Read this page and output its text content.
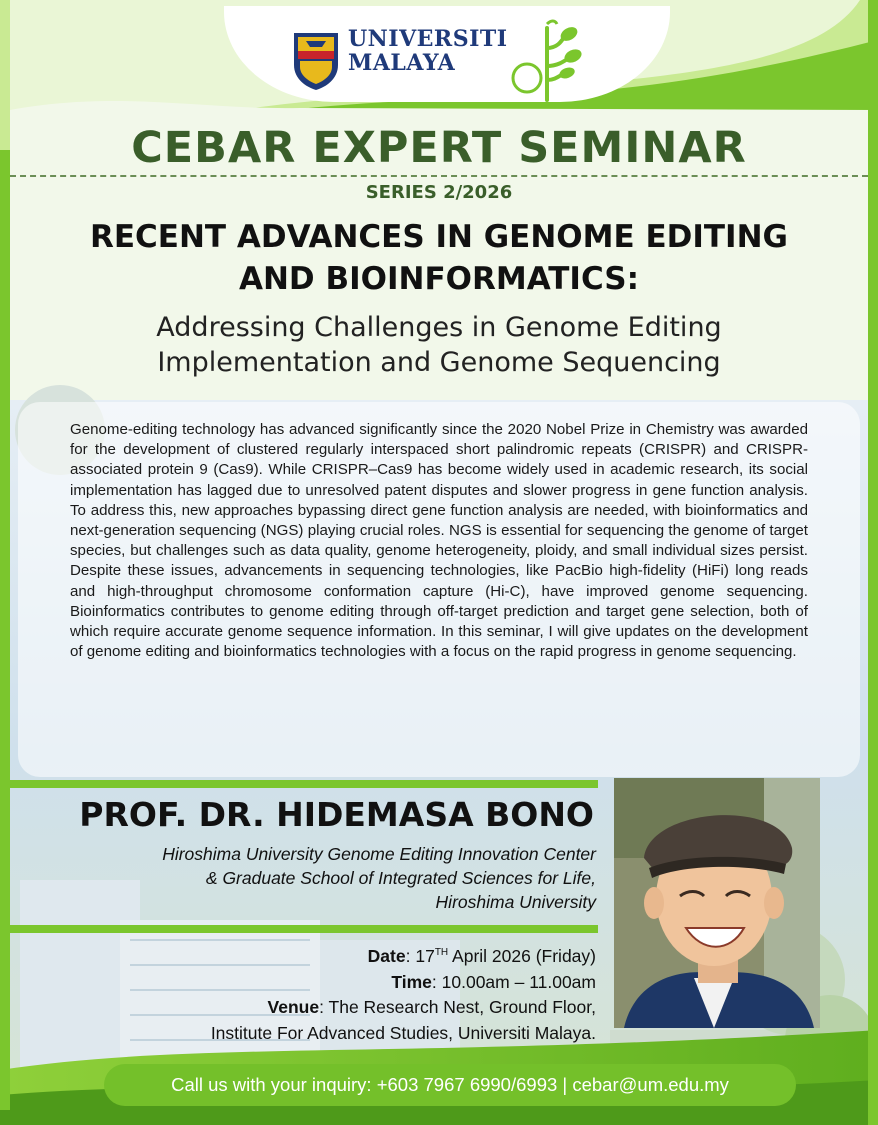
UNIVERSITI
MALAYA
CEBAR EXPERT SEMINAR
SERIES 2/2026
RECENT ADVANCES IN GENOME EDITING
AND BIOINFORMATICS:
Addressing Challenges in Genome Editing
Implementation and Genome Sequencing

Genome-editing technology has advanced significantly since the 2020 Nobel Prize in Chemistry was awarded for the development of clustered regularly interspaced short palindromic repeats (CRISPR) and CRISPR-associated protein 9 (Cas9). While CRISPR–Cas9 has become widely used in academic research, its social implementation has lagged due to unresolved patent disputes and slower progress in gene function analysis. To address this, new approaches bypassing direct gene function analysis are needed, with bioinformatics and next-generation sequencing (NGS) playing crucial roles. NGS is essential for sequencing the genome of target species, but challenges such as data quality, genome heterogeneity, ploidy, and small individual sizes persist. Despite these issues, advancements in sequencing technologies, like PacBio high-fidelity (HiFi) long reads and high-throughput chromosome conformation capture (Hi-C), have improved genome sequencing. Bioinformatics contributes to genome editing through off-target prediction and target gene selection, both of which require accurate genome sequence information. In this seminar, I will give updates on the development of genome editing and bioinformatics technologies with a focus on the rapid progress in genome sequencing.

PROF. DR. HIDEMASA BONO
Hiroshima University Genome Editing Innovation Center
& Graduate School of Integrated Sciences for Life,
Hiroshima University
Date: 17TH April 2026 (Friday)
Time: 10.00am – 11.00am
Venue: The Research Nest, Ground Floor,
Institute For Advanced Studies, Universiti Malaya.
Call us with your inquiry: +603 7967 6990/6993 | cebar@um.edu.my
